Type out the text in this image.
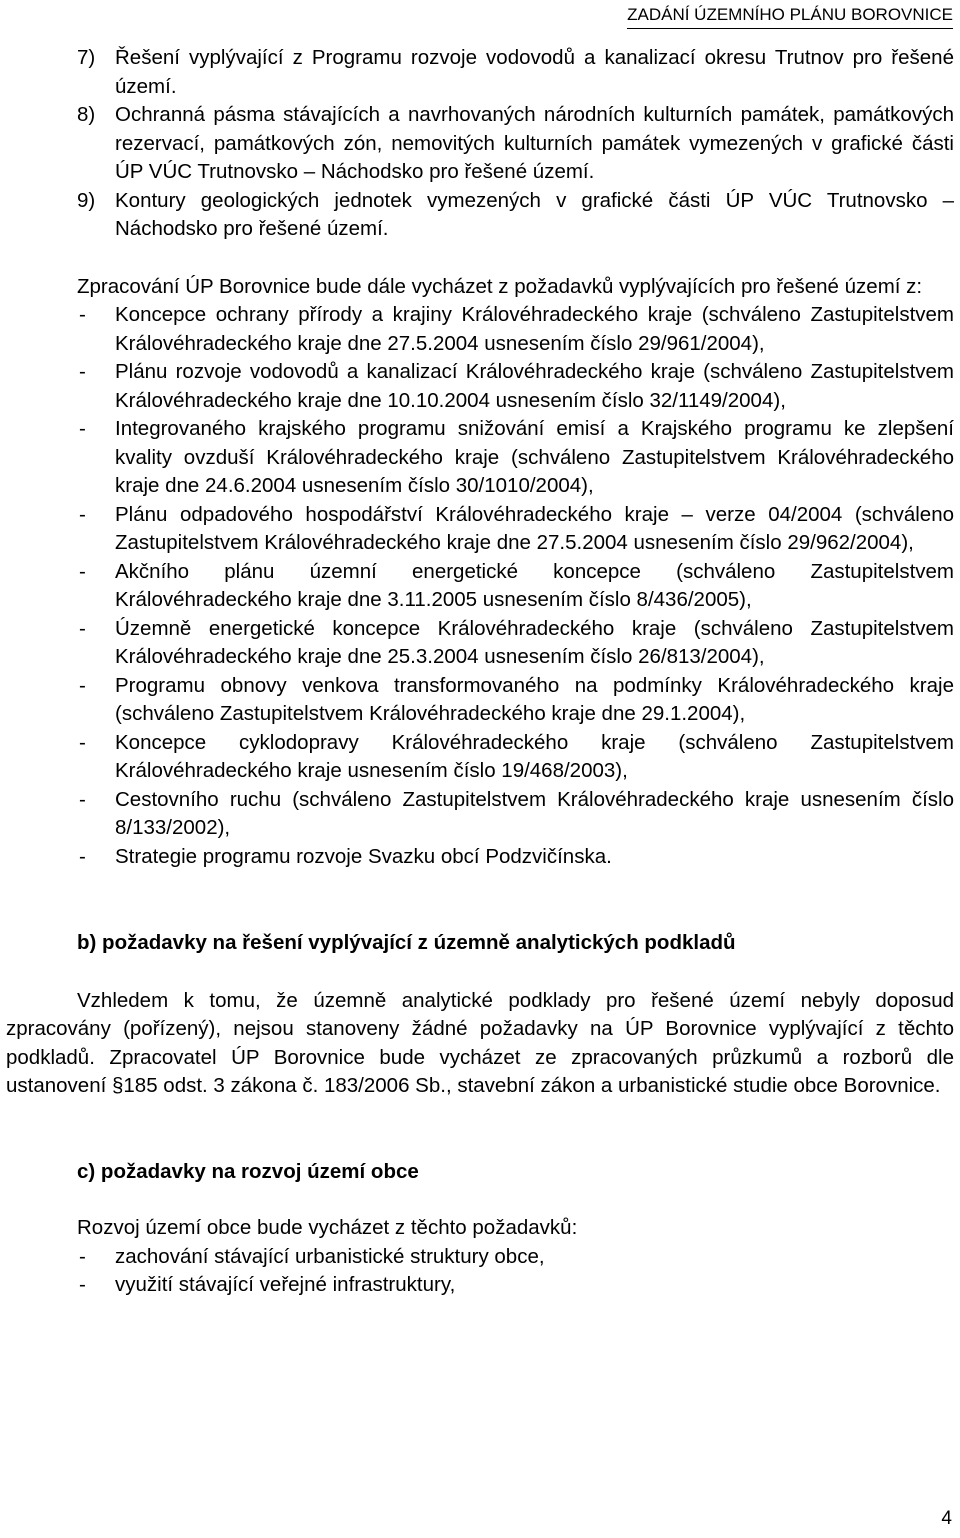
ZADÁNÍ ÚZEMNÍHO PLÁNU BOROVNICE
7) Řešení vyplývající z Programu rozvoje vodovodů a kanalizací okresu Trutnov pro řešené území.
8) Ochranná pásma stávajících a navrhovaných národních kulturních památek, památkových rezervací, památkových zón, nemovitých kulturních památek vymezených v grafické části ÚP VÚC Trutnovsko – Náchodsko pro řešené území.
9) Kontury geologických jednotek vymezených v grafické části ÚP VÚC Trutnovsko – Náchodsko pro řešené území.

Zpracování ÚP Borovnice bude dále vycházet z požadavků vyplývajících pro řešené území z:

- Koncepce ochrany přírody a krajiny Královéhradeckého kraje (schváleno Zastupitelstvem Královéhradeckého kraje dne 27.5.2004 usnesením číslo 29/961/2004),
- Plánu rozvoje vodovodů a kanalizací Královéhradeckého kraje (schváleno Zastupitelstvem Královéhradeckého kraje dne 10.10.2004 usnesením číslo 32/1149/2004),
- Integrovaného krajského programu snižování emisí a Krajského programu ke zlepšení kvality ovzduší Královéhradeckého kraje (schváleno Zastupitelstvem Královéhradeckého kraje dne 24.6.2004 usnesením číslo 30/1010/2004),
- Plánu odpadového hospodářství Královéhradeckého kraje – verze 04/2004 (schváleno Zastupitelstvem Královéhradeckého kraje dne 27.5.2004 usnesením číslo 29/962/2004),
- Akčního plánu územní energetické koncepce (schváleno Zastupitelstvem Královéhradeckého kraje dne 3.11.2005 usnesením číslo 8/436/2005),
- Územně energetické koncepce Královéhradeckého kraje (schváleno Zastupitelstvem Královéhradeckého kraje dne 25.3.2004 usnesením číslo 26/813/2004),
- Programu obnovy venkova transformovaného na podmínky Královéhradeckého kraje (schváleno Zastupitelstvem Královéhradeckého kraje dne 29.1.2004),
- Koncepce cyklodopravy Královéhradeckého kraje (schváleno Zastupitelstvem Královéhradeckého kraje usnesením číslo 19/468/2003),
- Cestovního ruchu (schváleno Zastupitelstvem Královéhradeckého kraje usnesením číslo 8/133/2002),
- Strategie programu rozvoje Svazku obcí Podzvičínska.

b) požadavky na řešení vyplývající z územně analytických podkladů

Vzhledem k tomu, že územně analytické podklady pro řešené území nebyly doposud zpracovány (pořízený), nejsou stanoveny žádné požadavky na ÚP Borovnice vyplývající z těchto podkladů. Zpracovatel ÚP Borovnice bude vycházet ze zpracovaných průzkumů a rozborů dle ustanovení §185 odst. 3 zákona č. 183/2006 Sb., stavební zákon a urbanistické studie obce Borovnice.

c) požadavky na rozvoj území obce

Rozvoj území obce bude vycházet z těchto požadavků:

- zachování stávající urbanistické struktury obce,
- využití stávající veřejné infrastruktury,
4
